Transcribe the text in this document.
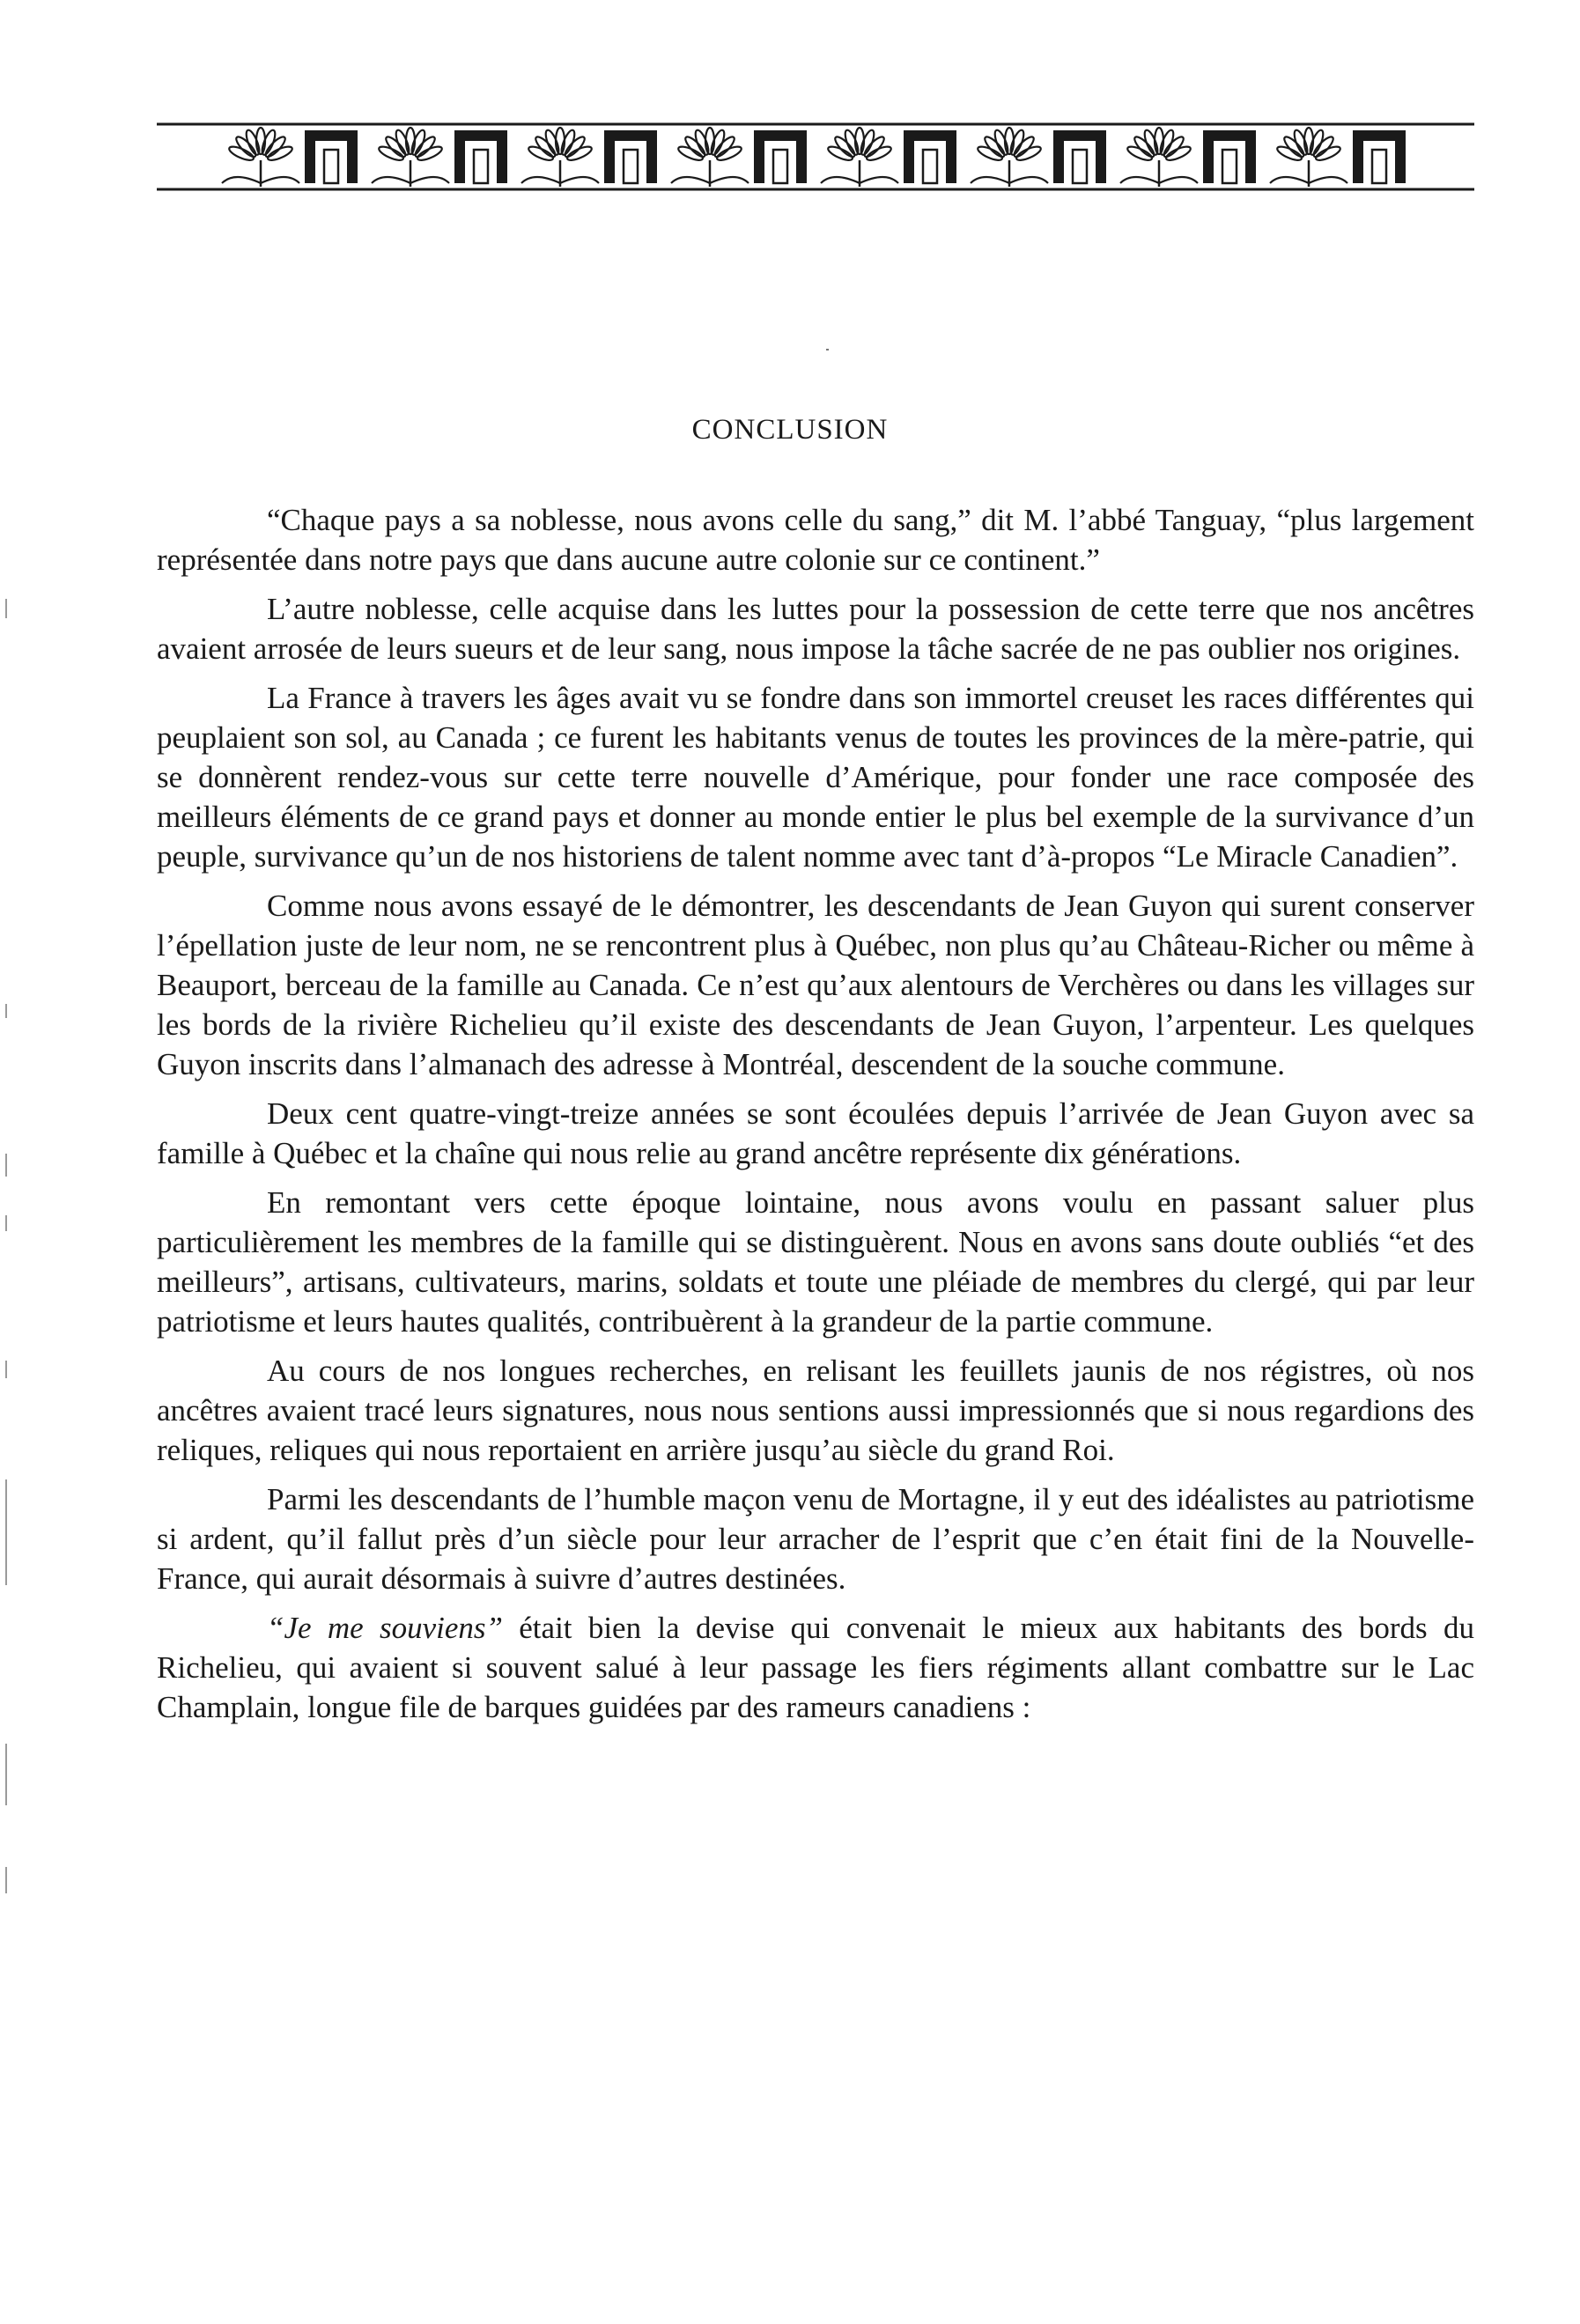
CONCLUSION

“Chaque pays a sa noblesse, nous avons celle du sang,” dit M. l’abbé Tanguay, “plus largement représentée dans notre pays que dans aucune autre colonie sur ce continent.”

L’autre noblesse, celle acquise dans les luttes pour la possession de cette terre que nos ancêtres avaient arrosée de leurs sueurs et de leur sang, nous impose la tâche sacrée de ne pas oublier nos origines.

La France à travers les âges avait vu se fondre dans son immortel creuset les races différentes qui peuplaient son sol, au Canada ; ce furent les habitants venus de toutes les provinces de la mère-patrie, qui se donnèrent rendez-vous sur cette terre nouvelle d’Amérique, pour fonder une race composée des meilleurs éléments de ce grand pays et donner au monde entier le plus bel exemple de la survivance d’un peuple, survivance qu’un de nos historiens de talent nomme avec tant d’à-propos “Le Miracle Canadien”.

Comme nous avons essayé de le démontrer, les descendants de Jean Guyon qui surent conserver l’épellation juste de leur nom, ne se rencontrent plus à Québec, non plus qu’au Château-Richer ou même à Beauport, berceau de la famille au Canada. Ce n’est qu’aux alentours de Verchères ou dans les villages sur les bords de la rivière Richelieu qu’il existe des descendants de Jean Guyon, l’arpenteur. Les quelques Guyon inscrits dans l’almanach des adresse à Montréal, descendent de la souche commune.

Deux cent quatre-vingt-treize années se sont écoulées depuis l’arrivée de Jean Guyon avec sa famille à Québec et la chaîne qui nous relie au grand ancêtre représente dix générations.

En remontant vers cette époque lointaine, nous avons voulu en passant saluer plus particulièrement les membres de la famille qui se distinguèrent. Nous en avons sans doute oubliés “et des meilleurs”, artisans, cultivateurs, marins, soldats et toute une pléiade de membres du clergé, qui par leur patriotisme et leurs hautes qualités, contribuèrent à la grandeur de la partie commune.

Au cours de nos longues recherches, en relisant les feuillets jaunis de nos régistres, où nos ancêtres avaient tracé leurs signatures, nous nous sentions aussi impressionnés que si nous regardions des reliques, reliques qui nous reportaient en arrière jusqu’au siècle du grand Roi.

Parmi les descendants de l’humble maçon venu de Mortagne, il y eut des idéalistes au patriotisme si ardent, qu’il fallut près d’un siècle pour leur arracher de l’esprit que c’en était fini de la Nouvelle-France, qui aurait désormais à suivre d’autres destinées.

“Je me souviens” était bien la devise qui convenait le mieux aux habitants des bords du Richelieu, qui avaient si souvent salué à leur passage les fiers régiments allant combattre sur le Lac Champlain, longue file de barques guidées par des rameurs canadiens :
